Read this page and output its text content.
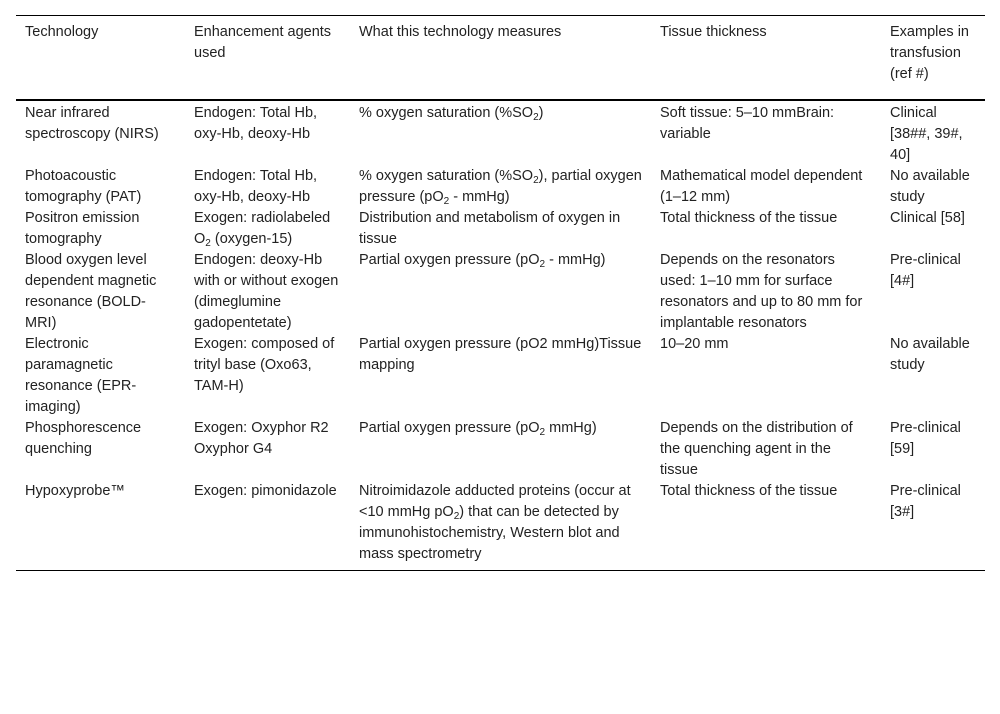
Technology	Enhancement agents used	What this technology measures	Tissue thickness	Examples in transfusion (ref #)
Near infrared spectroscopy (NIRS)	Endogen: Total Hb, oxy-Hb, deoxy-Hb	% oxygen saturation $(\%SO_2)$	Soft tissue: 5–10 mmBrain: variable	Clinical [38##, 39#, 40]
Photoacoustic tomography (PAT)	Endogen: Total Hb, oxy-Hb, deoxy-Hb	% oxygen saturation $(\%SO_2)$, partial oxygen pressure ($pO_2$ - mmHg)	Mathematical model dependent (1–12 mm)	No available study
Positron emission tomography	Exogen: radiolabeled $O_2$ (oxygen-15)	Distribution and metabolism of oxygen in tissue	Total thickness of the tissue	Clinical [58]
Blood oxygen level dependent magnetic resonance (BOLD-MRI)	Endogen: deoxy-Hb with or without exogen (dimeglumine gadopentetate)	Partial oxygen pressure ($pO_2$ - mmHg)	Depends on the resonators used: 1–10 mm for surface resonators and up to 80 mm for implantable resonators	Pre-clinical [4#]
Electronic paramagnetic resonance (EPR-imaging)	Exogen: composed of trityl base (Oxo63, TAM-H)	Partial oxygen pressure (pO2 mmHg)Tissue mapping	10–20 mm	No available study
Phosphorescence quenching	Exogen: Oxyphor R2 Oxyphor G4	Partial oxygen pressure ($pO_2$ mmHg)	Depends on the distribution of the quenching agent in the tissue	Pre-clinical [59]
Hypoxyprobe™	Exogen: pimonidazole	Nitroimidazole adducted proteins (occur at <10 mmHg $pO_2$) that can be detected by immunohistochemistry, Western blot and mass spectrometry	Total thickness of the tissue	Pre-clinical [3#]
